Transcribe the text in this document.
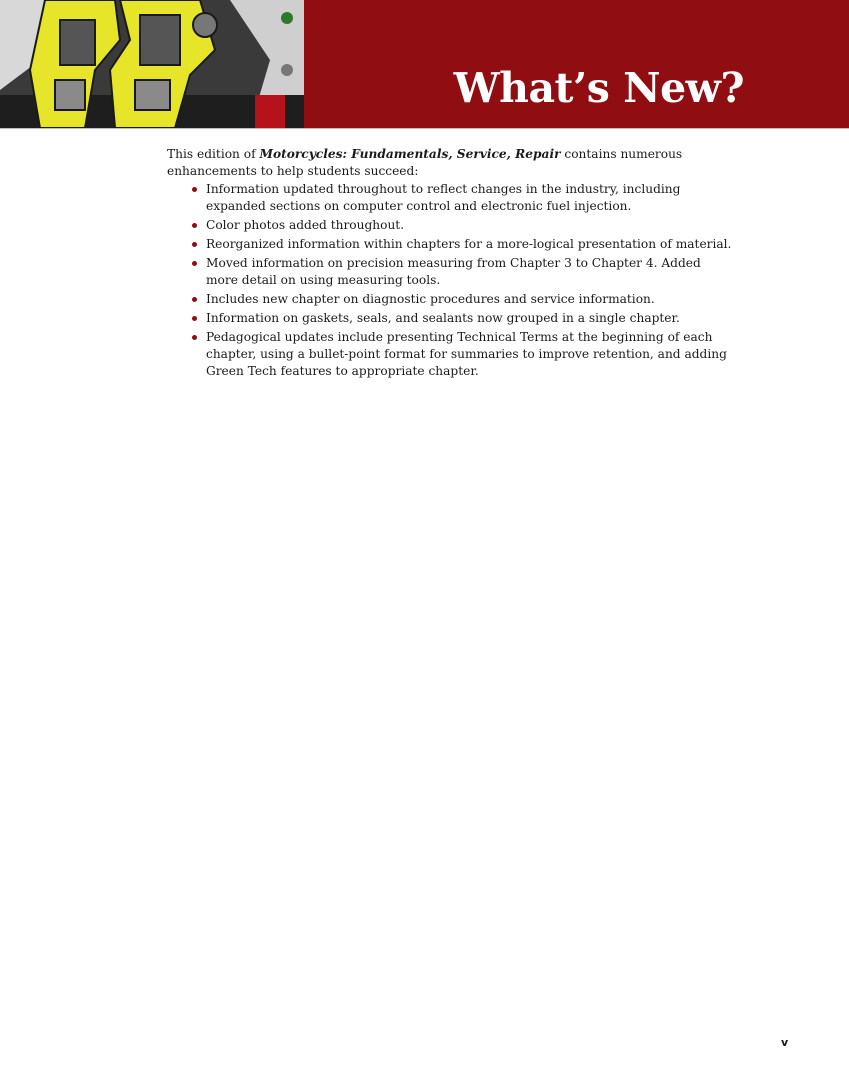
What’s New?

This edition of Motorcycles: Fundamentals, Service, Repair contains numerous enhancements to help students succeed:

Information updated throughout to reflect changes in the industry, including expanded sections on computer control and electronic fuel injection.
Color photos added throughout.
Reorganized information within chapters for a more-logical presentation of material.
Moved information on precision measuring from Chapter 3 to Chapter 4. Added more detail on using measuring tools.
Includes new chapter on diagnostic procedures and service information.
Information on gaskets, seals, and sealants now grouped in a single chapter.
Pedagogical updates include presenting Technical Terms at the beginning of each chapter, using a bullet-point format for summaries to improve retention, and adding Green Tech features to appropriate chapter.
v
